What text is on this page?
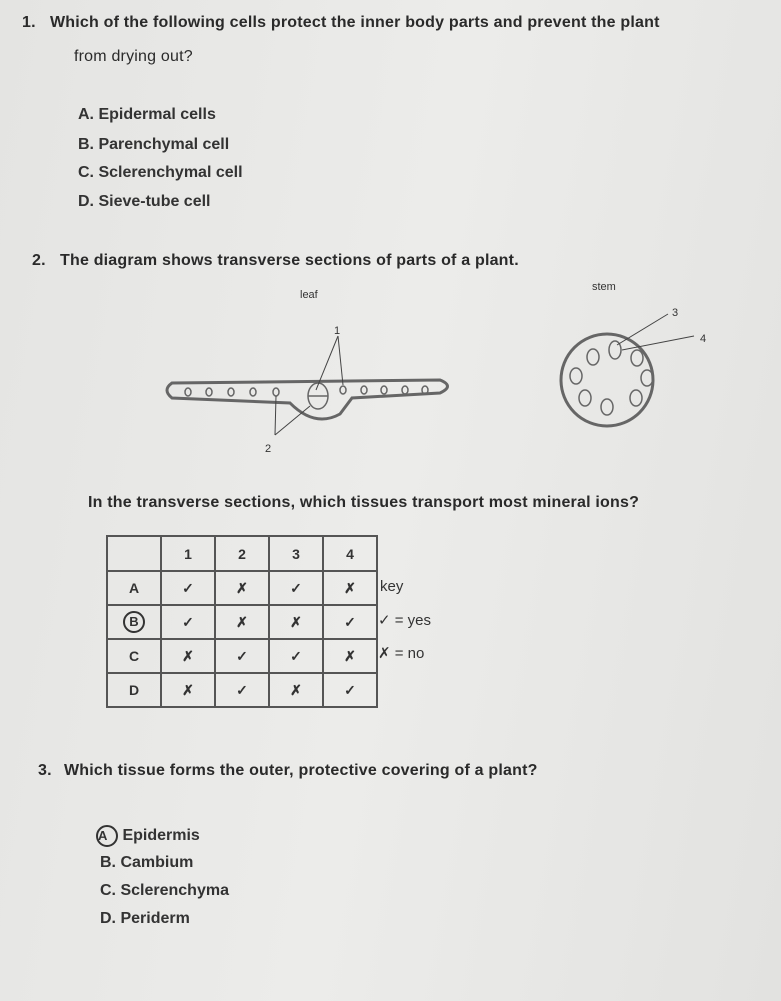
1. Which of the following cells protect the inner body parts and prevent the plant
from drying out?
A. Epidermal cells
B. Parenchymal cell
C. Sclerenchymal cell
D. Sieve-tube cell
2. The diagram shows transverse sections of parts of a plant.
leaf
stem
1
2
3
4
In the transverse sections, which tissues transport most mineral ions?
	1	2	3	4
A	✓	✗	✓	✗
B	✓	✗	✗	✓
C	✗	✓	✓	✗
D	✗	✓	✗	✓
key
✓ = yes
✗ = no
3. Which tissue forms the outer, protective covering of a plant?
A Epidermis
B. Cambium
C. Sclerenchyma
D. Periderm
